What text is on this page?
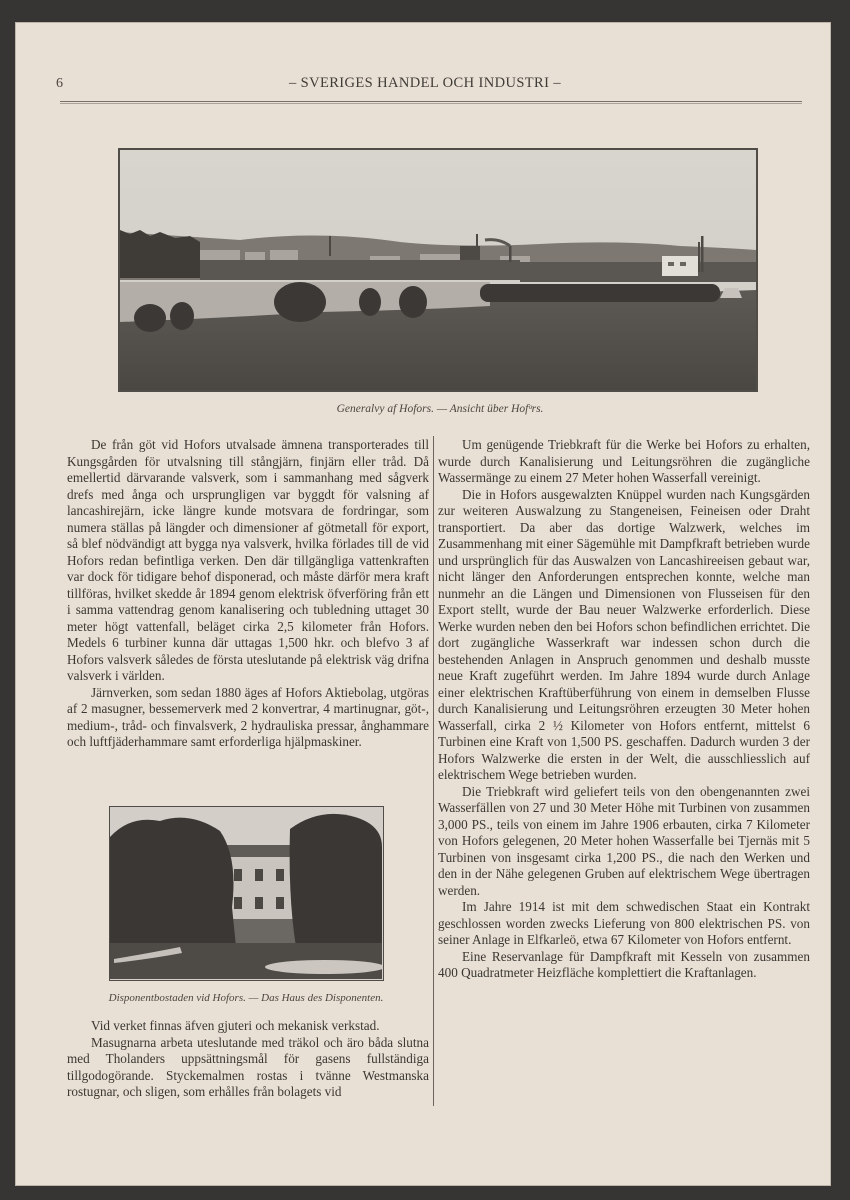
6	– SVERIGES HANDEL OCH INDUSTRI –
Generalvy af Hofors. — Ansicht über Hofᵒrs.

De från göt vid Hofors utvalsade ämnena transporterades till Kungsgården för utvalsning till stångjärn, finjärn eller tråd. Då emellertid därvarande valsverk, som i sammanhang med sågverk drefs med ånga och ursprungligen var byggdt för valsning af lancashirejärn, icke längre kunde motsvara de fordringar, som numera ställas på längder och dimensioner af götmetall för export, så blef nödvändigt att bygga nya valsverk, hvilka förlades till de vid Hofors redan befintliga verken. Den där tillgängliga vattenkraften var dock för tidigare behof disponerad, och måste därför mera kraft tillföras, hvilket skedde år 1894 genom elektrisk öfverföring från ett i samma vattendrag genom kanalisering och tubledning uttaget 30 meter högt vattenfall, beläget cirka 2,5 kilometer från Hofors. Medels 6 turbiner kunna där uttagas 1,500 hkr. och blefvo 3 af Hofors valsverk således de första uteslutande på elektrisk väg drifna valsverk i världen.

Järnverken, som sedan 1880 äges af Hofors Aktiebolag, utgöras af 2 masugner, bessemerverk med 2 konvertrar, 4 martinugnar, göt-, medium-, tråd- och finvalsverk, 2 hydrauliska pressar, ånghammare och luftfjäderhammare samt erforderliga hjälpmaskiner.

Disponentbostaden vid Hofors. — Das Haus des Disponenten.

Vid verket finnas äfven gjuteri och mekanisk verkstad.

Masugnarna arbeta uteslutande med träkol och äro båda slutna med Tholanders uppsättningsmål för gasens fullständiga tillgodogörande. Styckemalmen rostas i tvänne Westmanska rostugnar, och sligen, som erhålles från bolagets vid

Um genügende Triebkraft für die Werke bei Hofors zu erhalten, wurde durch Kanalisierung und Leitungsröhren die zugängliche Wassermänge zu einem 27 Meter hohen Wasserfall vereinigt.

Die in Hofors ausgewalzten Knüppel wurden nach Kungsgärden zur weiteren Auswalzung zu Stangeneisen, Feineisen oder Draht transportiert. Da aber das dortige Walzwerk, welches im Zusammenhang mit einer Sägemühle mit Dampfkraft betrieben wurde und ursprünglich für das Auswalzen von Lancashireeisen gebaut war, nicht länger den Anforderungen entsprechen konnte, welche man nunmehr an die Längen und Dimensionen von Flusseisen für den Export stellt, wurde der Bau neuer Walzwerke erforderlich. Diese Werke wurden neben den bei Hofors schon befindlichen errichtet. Die dort zugängliche Wasserkraft war indessen schon durch die bestehenden Anlagen in Anspruch genommen und deshalb musste neue Kraft zugeführt werden. Im Jahre 1894 wurde durch Anlage einer elektrischen Kraftüberführung von einem in demselben Flusse durch Kanalisierung und Leitungsröhren erzeugten 30 Meter hohen Wasserfall, cirka 2 ½ Kilometer von Hofors entfernt, mittelst 6 Turbinen eine Kraft von 1,500 PS. geschaffen. Dadurch wurden 3 der Hofors Walzwerke die ersten in der Welt, die ausschliesslich auf elektrischem Wege betrieben wurden.

Die Triebkraft wird geliefert teils von den obengenannten zwei Wasserfällen von 27 und 30 Meter Höhe mit Turbinen von zusammen 3,000 PS., teils von einem im Jahre 1906 erbauten, cirka 7 Kilometer von Hofors gelegenen, 20 Meter hohen Wasserfalle bei Tjernäs mit 5 Turbinen von insgesamt cirka 1,200 PS., die nach den Werken und den in der Nähe gelegenen Gruben auf elektrischem Wege übertragen werden.

Im Jahre 1914 ist mit dem schwedischen Staat ein Kontrakt geschlossen worden zwecks Lieferung von 800 elektrischen PS. von seiner Anlage in Elfkarleö, etwa 67 Kilometer von Hofors entfernt.

Eine Reservanlage für Dampfkraft mit Kesseln von zusammen 400 Quadratmeter Heizfläche komplettiert die Kraftanlagen.
